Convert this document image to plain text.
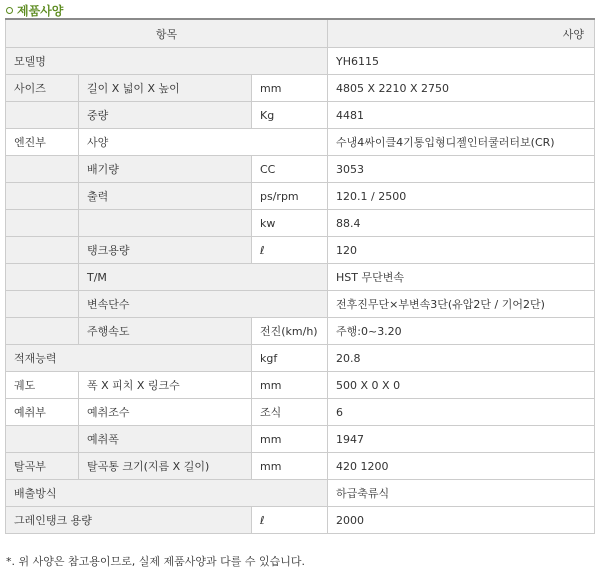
제품사양
항목			사양
모델명			YH6115
사이즈	길이 X 넓이 X 높이	mm	4805 X 2210 X 2750
	중량	Kg	4481
엔진부	사양		수냉4싸이클4기통입형디젤인터쿨러터보(CR)
	배기량	CC	3053
	출력	ps/rpm	120.1 / 2500
		kw	88.4
	탱크용량	ℓ	120
	T/M		HST 무단변속
	변속단수		전후진무단×부변속3단(유압2단 / 기어2단)
	주행속도	전진(km/h)	주행:0~3.20
적재능력		kgf	20.8
궤도	폭 X 피치 X 링크수	mm	500 X 0 X 0
예취부	예취조수	조식	6
	예취폭	mm	1947
탈곡부	탈곡통 크기(지름 X 길이)	mm	420 1200
배출방식			하급축류식
그레인탱크 용량		ℓ	2000
*. 위 사양은 참고용이므로, 실제 제품사양과 다를 수 있습니다.
